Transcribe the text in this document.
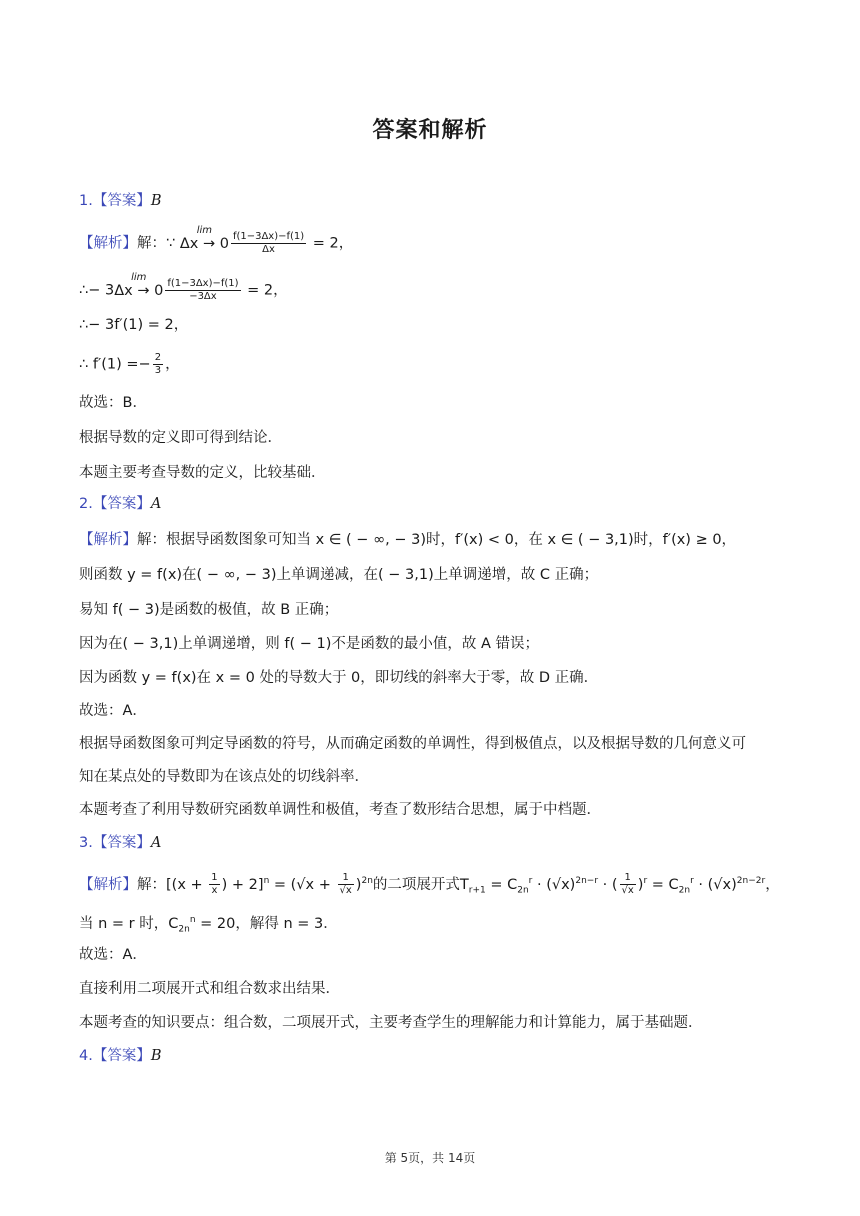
答案和解析
1.【答案】B
【解析】解：∵
lim
$\Delta x \to 0 \frac{f(1-3\Delta x)-f(1)}{\Delta x} = 2$，
∴− 3
lim
$\Delta x \to 0 \frac{f(1-3\Delta x)-f(1)}{-3\Delta x} = 2$，
∴− 3f′(1) = 2，
∴ $f'(1) =- \frac{2}{3}$ ，
故选：B．
根据导数的定义即可得到结论．
本题主要考查导数的定义，比较基础．
2.【答案】A
【解析】解：根据导函数图象可知当 x ∈ ( − ∞, − 3)时，f′(x) < 0，在 x ∈ ( − 3,1)时，f′(x) ≥ 0，
则函数 y = f(x)在( − ∞, − 3)上单调递减，在( − 3,1)上单调递增，故 C 正确；
易知 f( − 3)是函数的极值，故 B 正确；
因为在( − 3,1)上单调递增，则 f( − 1)不是函数的最小值，故 A 错误；
因为函数 y = f(x)在 x = 0 处的导数大于 0，即切线的斜率大于零，故 D 正确．
故选：A．
根据导函数图象可判定导函数的符号，从而确定函数的单调性，得到极值点，以及根据导数的几何意义可
知在某点处的导数即为在该点处的切线斜率．
本题考查了利用导数研究函数单调性和极值，考查了数形结合思想，属于中档题．
3.【答案】A
【解析】解：[($x + \frac{1}{x}$ ) + $2]^n = (√x + \frac{1}{√x} )^{2n}$的二项展开式$T_{r+1} = C_{2n}^r \cdot (√x)^{2n-r}$ · ( $\frac{1}{√x} )^r = C_{2n}^r \cdot (√x)^{2n-2r}$，
当 n = r 时，$C_{2n}^n = 20$，解得 n = 3．
故选：A．
直接利用二项展开式和组合数求出结果．
本题考查的知识要点：组合数，二项展开式，主要考查学生的理解能力和计算能力，属于基础题．
4.【答案】B
第 5页，共 14页
